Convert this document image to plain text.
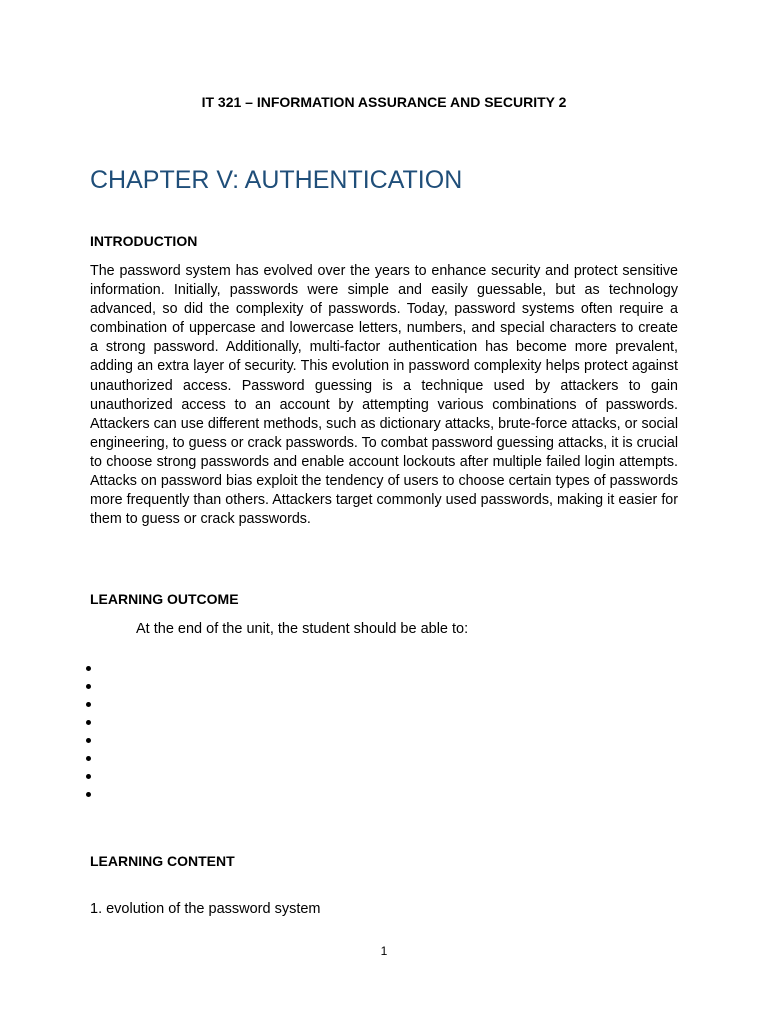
IT 321 – INFORMATION ASSURANCE AND SECURITY 2
CHAPTER V: AUTHENTICATION
INTRODUCTION

The password system has evolved over the years to enhance security and protect sensitive information. Initially, passwords were simple and easily guessable, but as technology advanced, so did the complexity of passwords. Today, password systems often require a combination of uppercase and lowercase letters, numbers, and special characters to create a strong password. Additionally, multi-factor authentication has become more prevalent, adding an extra layer of security. This evolution in password complexity helps protect against unauthorized access. Password guessing is a technique used by attackers to gain unauthorized access to an account by attempting various combinations of passwords. Attackers can use different methods, such as dictionary attacks, brute-force attacks, or social engineering, to guess or crack passwords. To combat password guessing attacks, it is crucial to choose strong passwords and enable account lockouts after multiple failed login attempts. Attacks on password bias exploit the tendency of users to choose certain types of passwords more frequently than others. Attackers target commonly used passwords, making it easier for them to guess or crack passwords.

LEARNING OUTCOME
At the end of the unit, the student should be able to:
LEARNING CONTENT
1. evolution of the password system
1
